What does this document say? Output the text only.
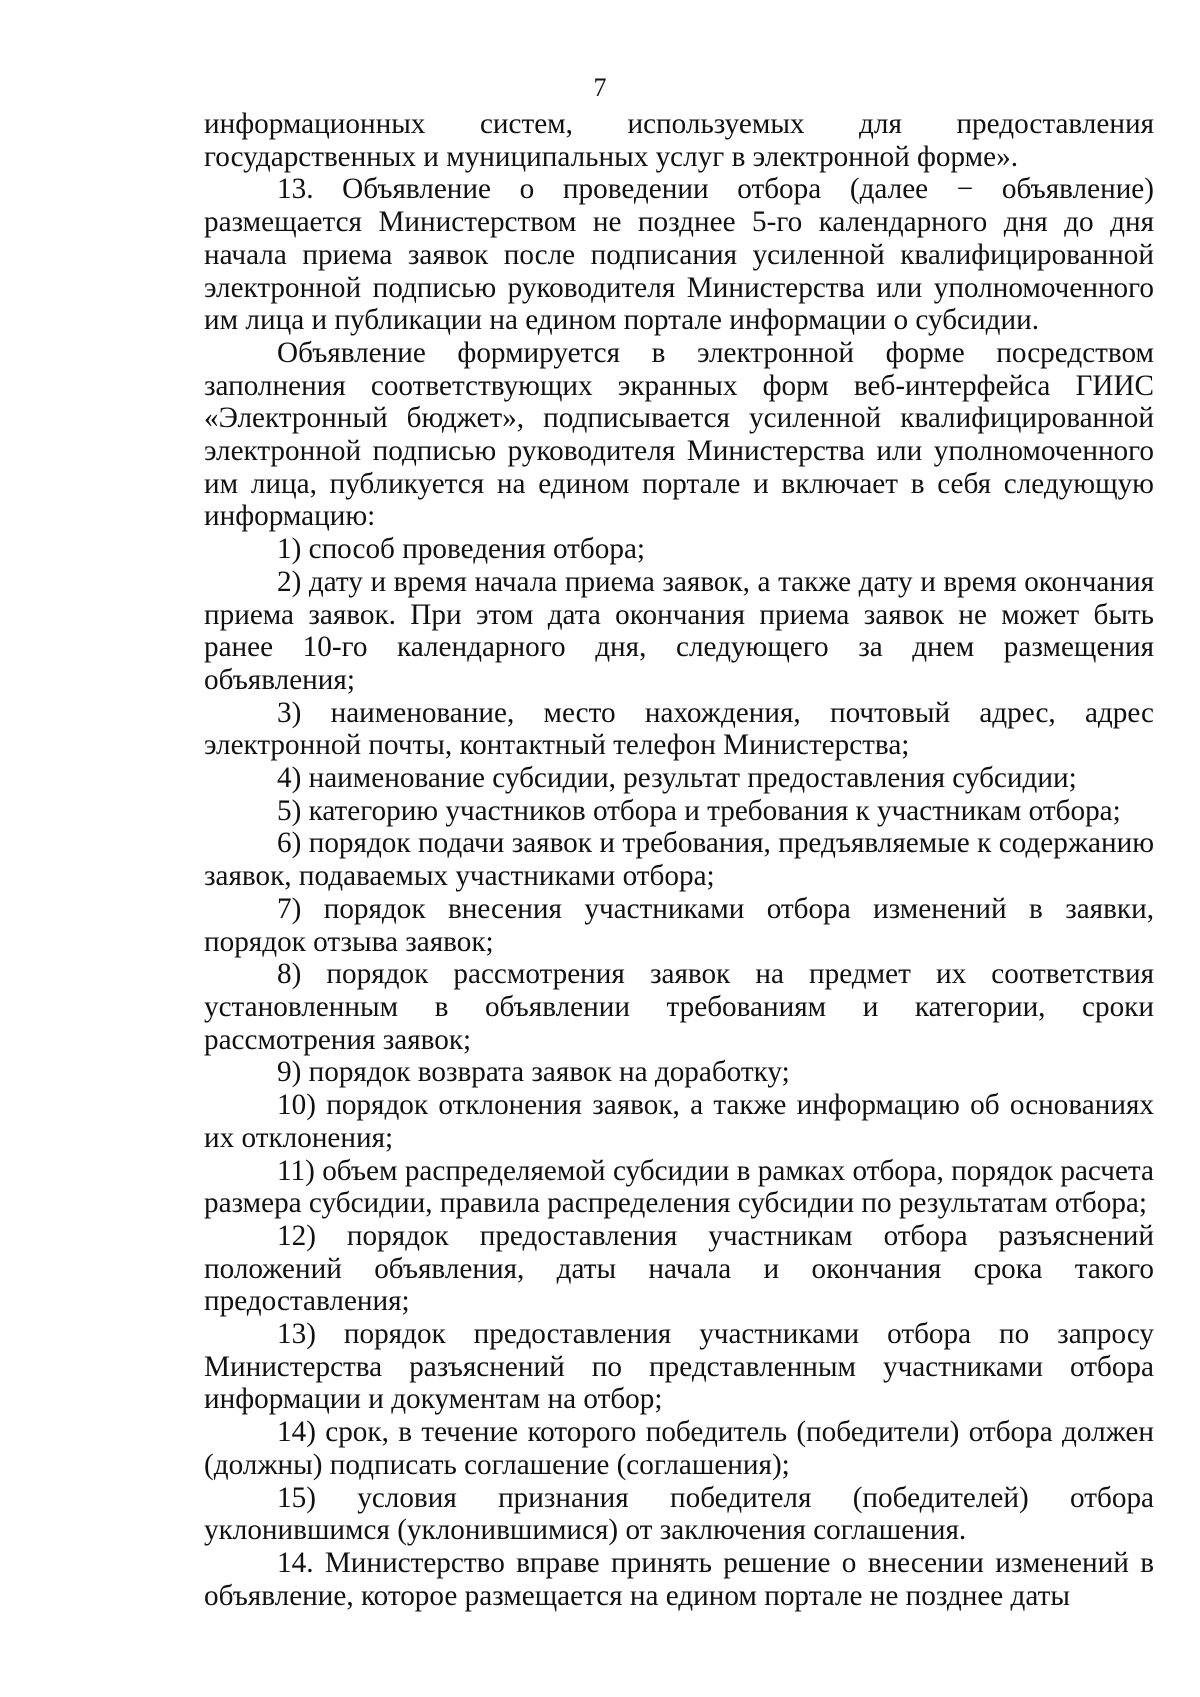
7

информационных систем, используемых для предоставления государственных и муниципальных услуг в электронной форме».

13. Объявление о проведении отбора (далее − объявление) размещается Министерством не позднее 5-го календарного дня до дня начала приема заявок после подписания усиленной квалифицированной электронной подписью руководителя Министерства или уполномоченного им лица и публикации на едином портале информации о субсидии.

Объявление формируется в электронной форме посредством заполнения соответствующих экранных форм веб-интерфейса ГИИС «Электронный бюджет», подписывается усиленной квалифицированной электронной подписью руководителя Министерства или уполномоченного им лица, публикуется на едином портале и включает в себя следующую информацию:

1) способ проведения отбора;

2) дату и время начала приема заявок, а также дату и время окончания приема заявок. При этом дата окончания приема заявок не может быть ранее 10-го календарного дня, следующего за днем размещения объявления;

3) наименование, место нахождения, почтовый адрес, адрес электронной почты, контактный телефон Министерства;

4) наименование субсидии, результат предоставления субсидии;

5) категорию участников отбора и требования к участникам отбора;

6) порядок подачи заявок и требования, предъявляемые к содержанию заявок, подаваемых участниками отбора;

7) порядок внесения участниками отбора изменений в заявки, порядок отзыва заявок;

8) порядок рассмотрения заявок на предмет их соответствия установленным в объявлении требованиям и категории, сроки рассмотрения заявок;

9) порядок возврата заявок на доработку;

10) порядок отклонения заявок, а также информацию об основаниях их отклонения;

11) объем распределяемой субсидии в рамках отбора, порядок расчета размера субсидии, правила распределения субсидии по результатам отбора;

12) порядок предоставления участникам отбора разъяснений положений объявления, даты начала и окончания срока такого предоставления;

13) порядок предоставления участниками отбора по запросу Министерства разъяснений по представленным участниками отбора информации и документам на отбор;

14) срок, в течение которого победитель (победители) отбора должен (должны) подписать соглашение (соглашения);

15) условия признания победителя (победителей) отбора уклонившимся (уклонившимися) от заключения соглашения.

14. Министерство вправе принять решение о внесении изменений в объявление, которое размещается на едином портале не позднее даты
